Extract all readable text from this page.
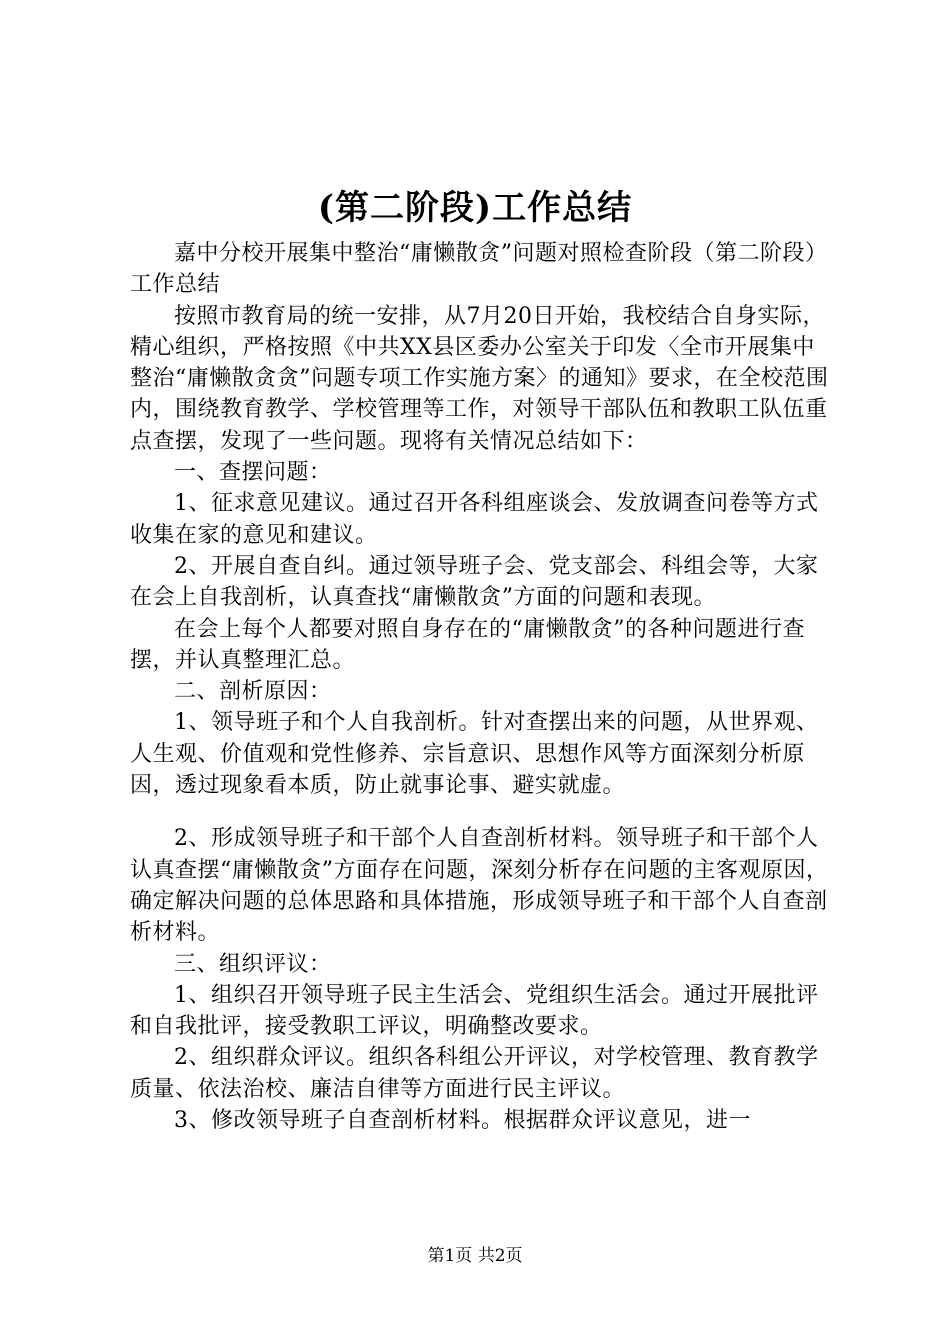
(第二阶段)工作总结

嘉中分校开展集中整治“庸懒散贪”问题对照检查阶段（第二阶段）工作总结

按照市教育局的统一安排，从7月20日开始，我校结合自身实际，精心组织，严格按照《中共XX县区委办公室关于印发〈全市开展集中整治“庸懒散贪贪”问题专项工作实施方案〉的通知》要求，在全校范围内，围绕教育教学、学校管理等工作，对领导干部队伍和教职工队伍重点查摆，发现了一些问题。现将有关情况总结如下：

一、查摆问题：

1、征求意见建议。通过召开各科组座谈会、发放调查问卷等方式收集在家的意见和建议。

2、开展自查自纠。通过领导班子会、党支部会、科组会等，大家在会上自我剖析，认真查找“庸懒散贪”方面的问题和表现。

在会上每个人都要对照自身存在的“庸懒散贪”的各种问题进行查摆，并认真整理汇总。

二、剖析原因：

1、领导班子和个人自我剖析。针对查摆出来的问题，从世界观、人生观、价值观和党性修养、宗旨意识、思想作风等方面深刻分析原因，透过现象看本质，防止就事论事、避实就虚。

2、形成领导班子和干部个人自查剖析材料。领导班子和干部个人认真查摆“庸懒散贪”方面存在问题，深刻分析存在问题的主客观原因，确定解决问题的总体思路和具体措施，形成领导班子和干部个人自查剖析材料。

三、组织评议：

1、组织召开领导班子民主生活会、党组织生活会。通过开展批评和自我批评，接受教职工评议，明确整改要求。

2、组织群众评议。组织各科组公开评议，对学校管理、教育教学质量、依法治校、廉洁自律等方面进行民主评议。

3、修改领导班子自查剖析材料。根据群众评议意见，进一

第1页 共2页
